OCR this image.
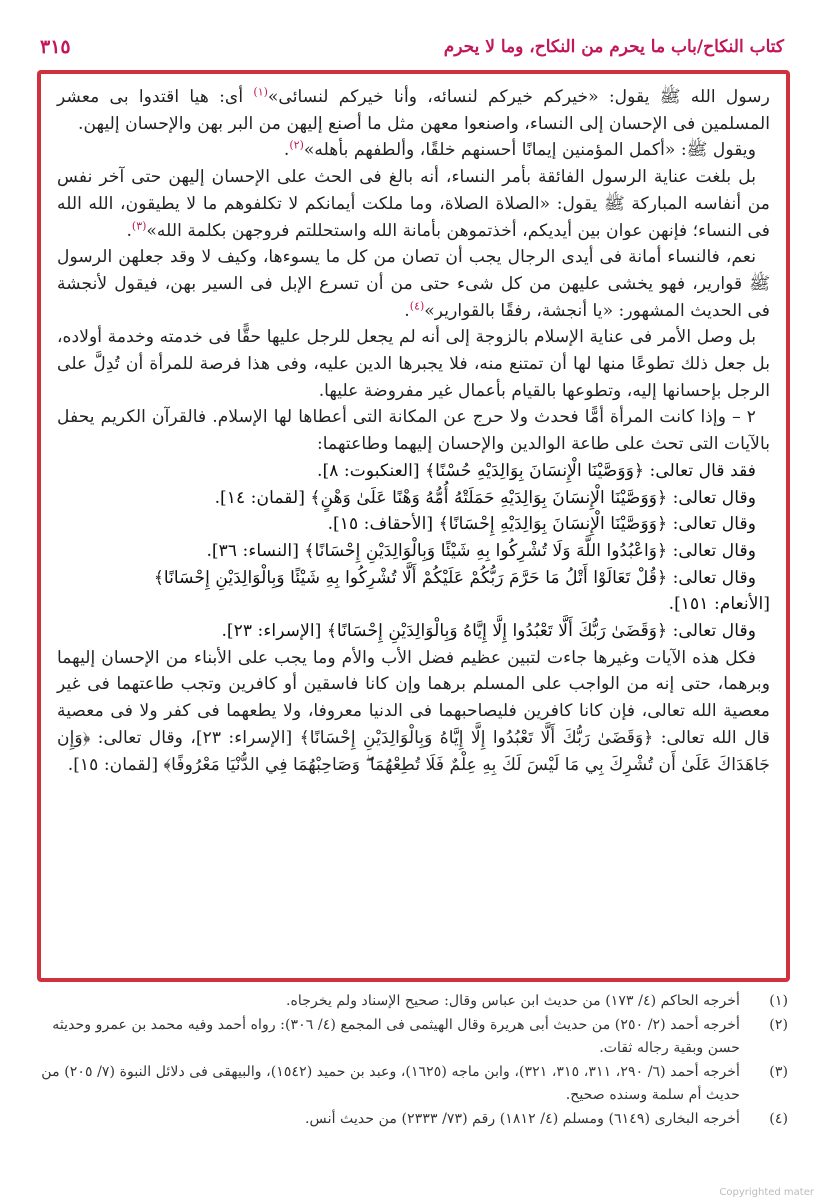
كتاب النكاح/باب ما يحرم من النكاح، وما لا يحرم
٣١٥

رسول الله ﷺ يقول: «خيركم خيركم لنسائه، وأنا خيركم لنسائى»$^{(١)}$ أى: هيا اقتدوا بى معشر المسلمين فى الإحسان إلى النساء، واصنعوا معهن مثل ما أصنع إليهن من البر بهن والإحسان إليهن.

ويقول ﷺ: «أكمل المؤمنين إيمانًا أحسنهم خلقًا، وألطفهم بأهله»$^{(٢)}$.

بل بلغت عناية الرسول الفائقة بأمر النساء، أنه بالغ فى الحث على الإحسان إليهن حتى آخر نفس من أنفاسه المباركة ﷺ يقول: «الصلاة الصلاة، وما ملكت أيمانكم لا تكلفوهم ما لا يطيقون، الله الله فى النساء؛ فإنهن عوان بين أيديكم، أخذتموهن بأمانة الله واستحللتم فروجهن بكلمة الله»$^{(٣)}$.

نعم، فالنساء أمانة فى أيدى الرجال يجب أن تصان من كل ما يسوءها، وكيف لا وقد جعلهن الرسول ﷺ قوارير، فهو يخشى عليهن من كل شىء حتى من أن تسرع الإبل فى السير بهن، فيقول لأنجشة فى الحديث المشهور: «يا أنجشة، رفقًا بالقوارير»$^{(٤)}$.

بل وصل الأمر فى عناية الإسلام بالزوجة إلى أنه لم يجعل للرجل عليها حقًّا فى خدمته وخدمة أولاده، بل جعل ذلك تطوعًا منها لها أن تمتنع منه، فلا يجبرها الدين عليه، وفى هذا فرصة للمرأة أن تُدِلَّ على الرجل بإحسانها إليه، وتطوعها بالقيام بأعمال غير مفروضة عليها.

٢ – وإذا كانت المرأة أمًّا فحدث ولا حرج عن المكانة التى أعطاها لها الإسلام. فالقرآن الكريم يحفل بالآيات التى تحث على طاعة الوالدين والإحسان إليهما وطاعتهما:

فقد قال تعالى: ﴿وَوَصَّيْنَا الْإِنسَانَ بِوَالِدَيْهِ حُسْنًا﴾ [العنكبوت: ٨].

وقال تعالى: ﴿وَوَصَّيْنَا الْإِنسَانَ بِوَالِدَيْهِ حَمَلَتْهُ أُمُّهُ وَهْنًا عَلَىٰ وَهْنٍ﴾ [لقمان: ١٤].

وقال تعالى: ﴿وَوَصَّيْنَا الْإِنسَانَ بِوَالِدَيْهِ إِحْسَانًا﴾ [الأحقاف: ١٥].

وقال تعالى: ﴿وَاعْبُدُوا اللَّهَ وَلَا تُشْرِكُوا بِهِ شَيْئًا وَبِالْوَالِدَيْنِ إِحْسَانًا﴾ [النساء: ٣٦].

وقال تعالى: ﴿قُلْ تَعَالَوْا أَتْلُ مَا حَرَّمَ رَبُّكُمْ عَلَيْكُمْ أَلَّا تُشْرِكُوا بِهِ شَيْئًا وَبِالْوَالِدَيْنِ إِحْسَانًا﴾

[الأنعام: ١٥١].

وقال تعالى: ﴿وَقَضَىٰ رَبُّكَ أَلَّا تَعْبُدُوا إِلَّا إِيَّاهُ وَبِالْوَالِدَيْنِ إِحْسَانًا﴾ [الإسراء: ٢٣].

فكل هذه الآيات وغيرها جاءت لتبين عظيم فضل الأب والأم وما يجب على الأبناء من الإحسان إليهما وبرهما، حتى إنه من الواجب على المسلم برهما وإن كانا فاسقين أو كافرين وتجب طاعتهما فى غير معصية الله تعالى، فإن كانا كافرين فليصاحبهما فى الدنيا معروفا، ولا يطعهما فى كفر ولا فى معصية قال الله تعالى: ﴿وَقَضَىٰ رَبُّكَ أَلَّا تَعْبُدُوا إِلَّا إِيَّاهُ وَبِالْوَالِدَيْنِ إِحْسَانًا﴾ [الإسراء: ٢٣]، وقال تعالى: ﴿وَإِن جَاهَدَاكَ عَلَىٰ أَن تُشْرِكَ بِي مَا لَيْسَ لَكَ بِهِ عِلْمٌ فَلَا تُطِعْهُمَا ۖ وَصَاحِبْهُمَا فِي الدُّنْيَا مَعْرُوفًا﴾ [لقمان: ١٥].

(١)
أخرجه الحاكم (٤/ ١٧٣) من حديث ابن عباس وقال: صحيح الإسناد ولم يخرجاه.
(٢)
أخرجه أحمد (٢/ ٢٥٠) من حديث أبى هريرة وقال الهيثمى فى المجمع (٤/ ٣٠٦): رواه أحمد وفيه محمد بن عمرو وحديثه حسن وبقية رجاله ثقات.
(٣)
أخرجه أحمد (٦/ ٢٩٠، ٣١١، ٣١٥، ٣٢١)، وابن ماجه (١٦٢٥)، وعبد بن حميد (١٥٤٢)، والبيهقى فى دلائل النبوة (٧/ ٢٠٥) من حديث أم سلمة وسنده صحيح.
(٤)
أخرجه البخارى (٦١٤٩) ومسلم (٤/ ١٨١٢) رقم (٧٣/ ٢٣٣٣) من حديث أنس.
Copyrighted mater
